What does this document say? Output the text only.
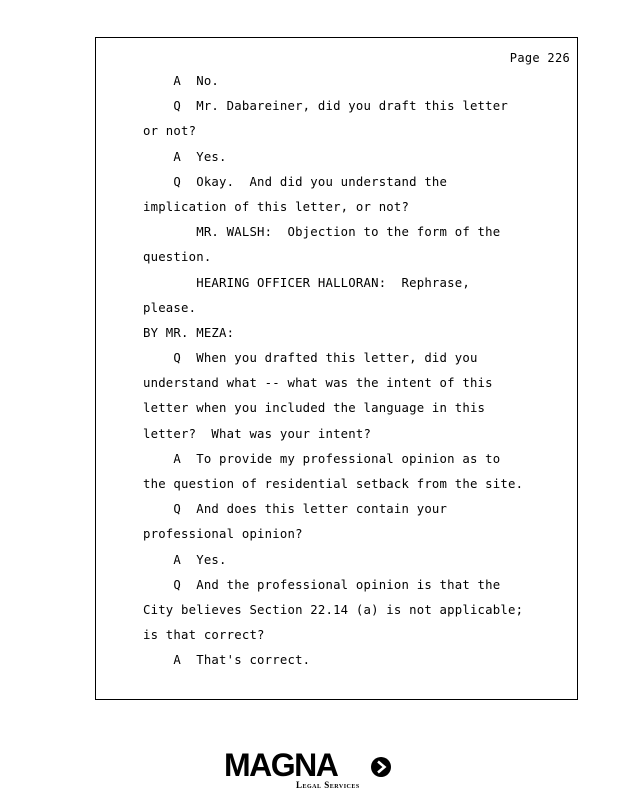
Page 226
A  No.
Q  Mr. Dabareiner, did you draft this letter
or not?
A  Yes.
Q  Okay.  And did you understand the
implication of this letter, or not?
MR. WALSH:  Objection to the form of the
question.
HEARING OFFICER HALLORAN:  Rephrase,
please.
BY MR. MEZA:
Q  When you drafted this letter, did you
understand what -- what was the intent of this
letter when you included the language in this
letter?  What was your intent?
A  To provide my professional opinion as to
the question of residential setback from the site.
Q  And does this letter contain your
professional opinion?
A  Yes.
Q  And the professional opinion is that the
City believes Section 22.14 (a) is not applicable;
is that correct?
A  That's correct.
MAGNA
Legal Services
